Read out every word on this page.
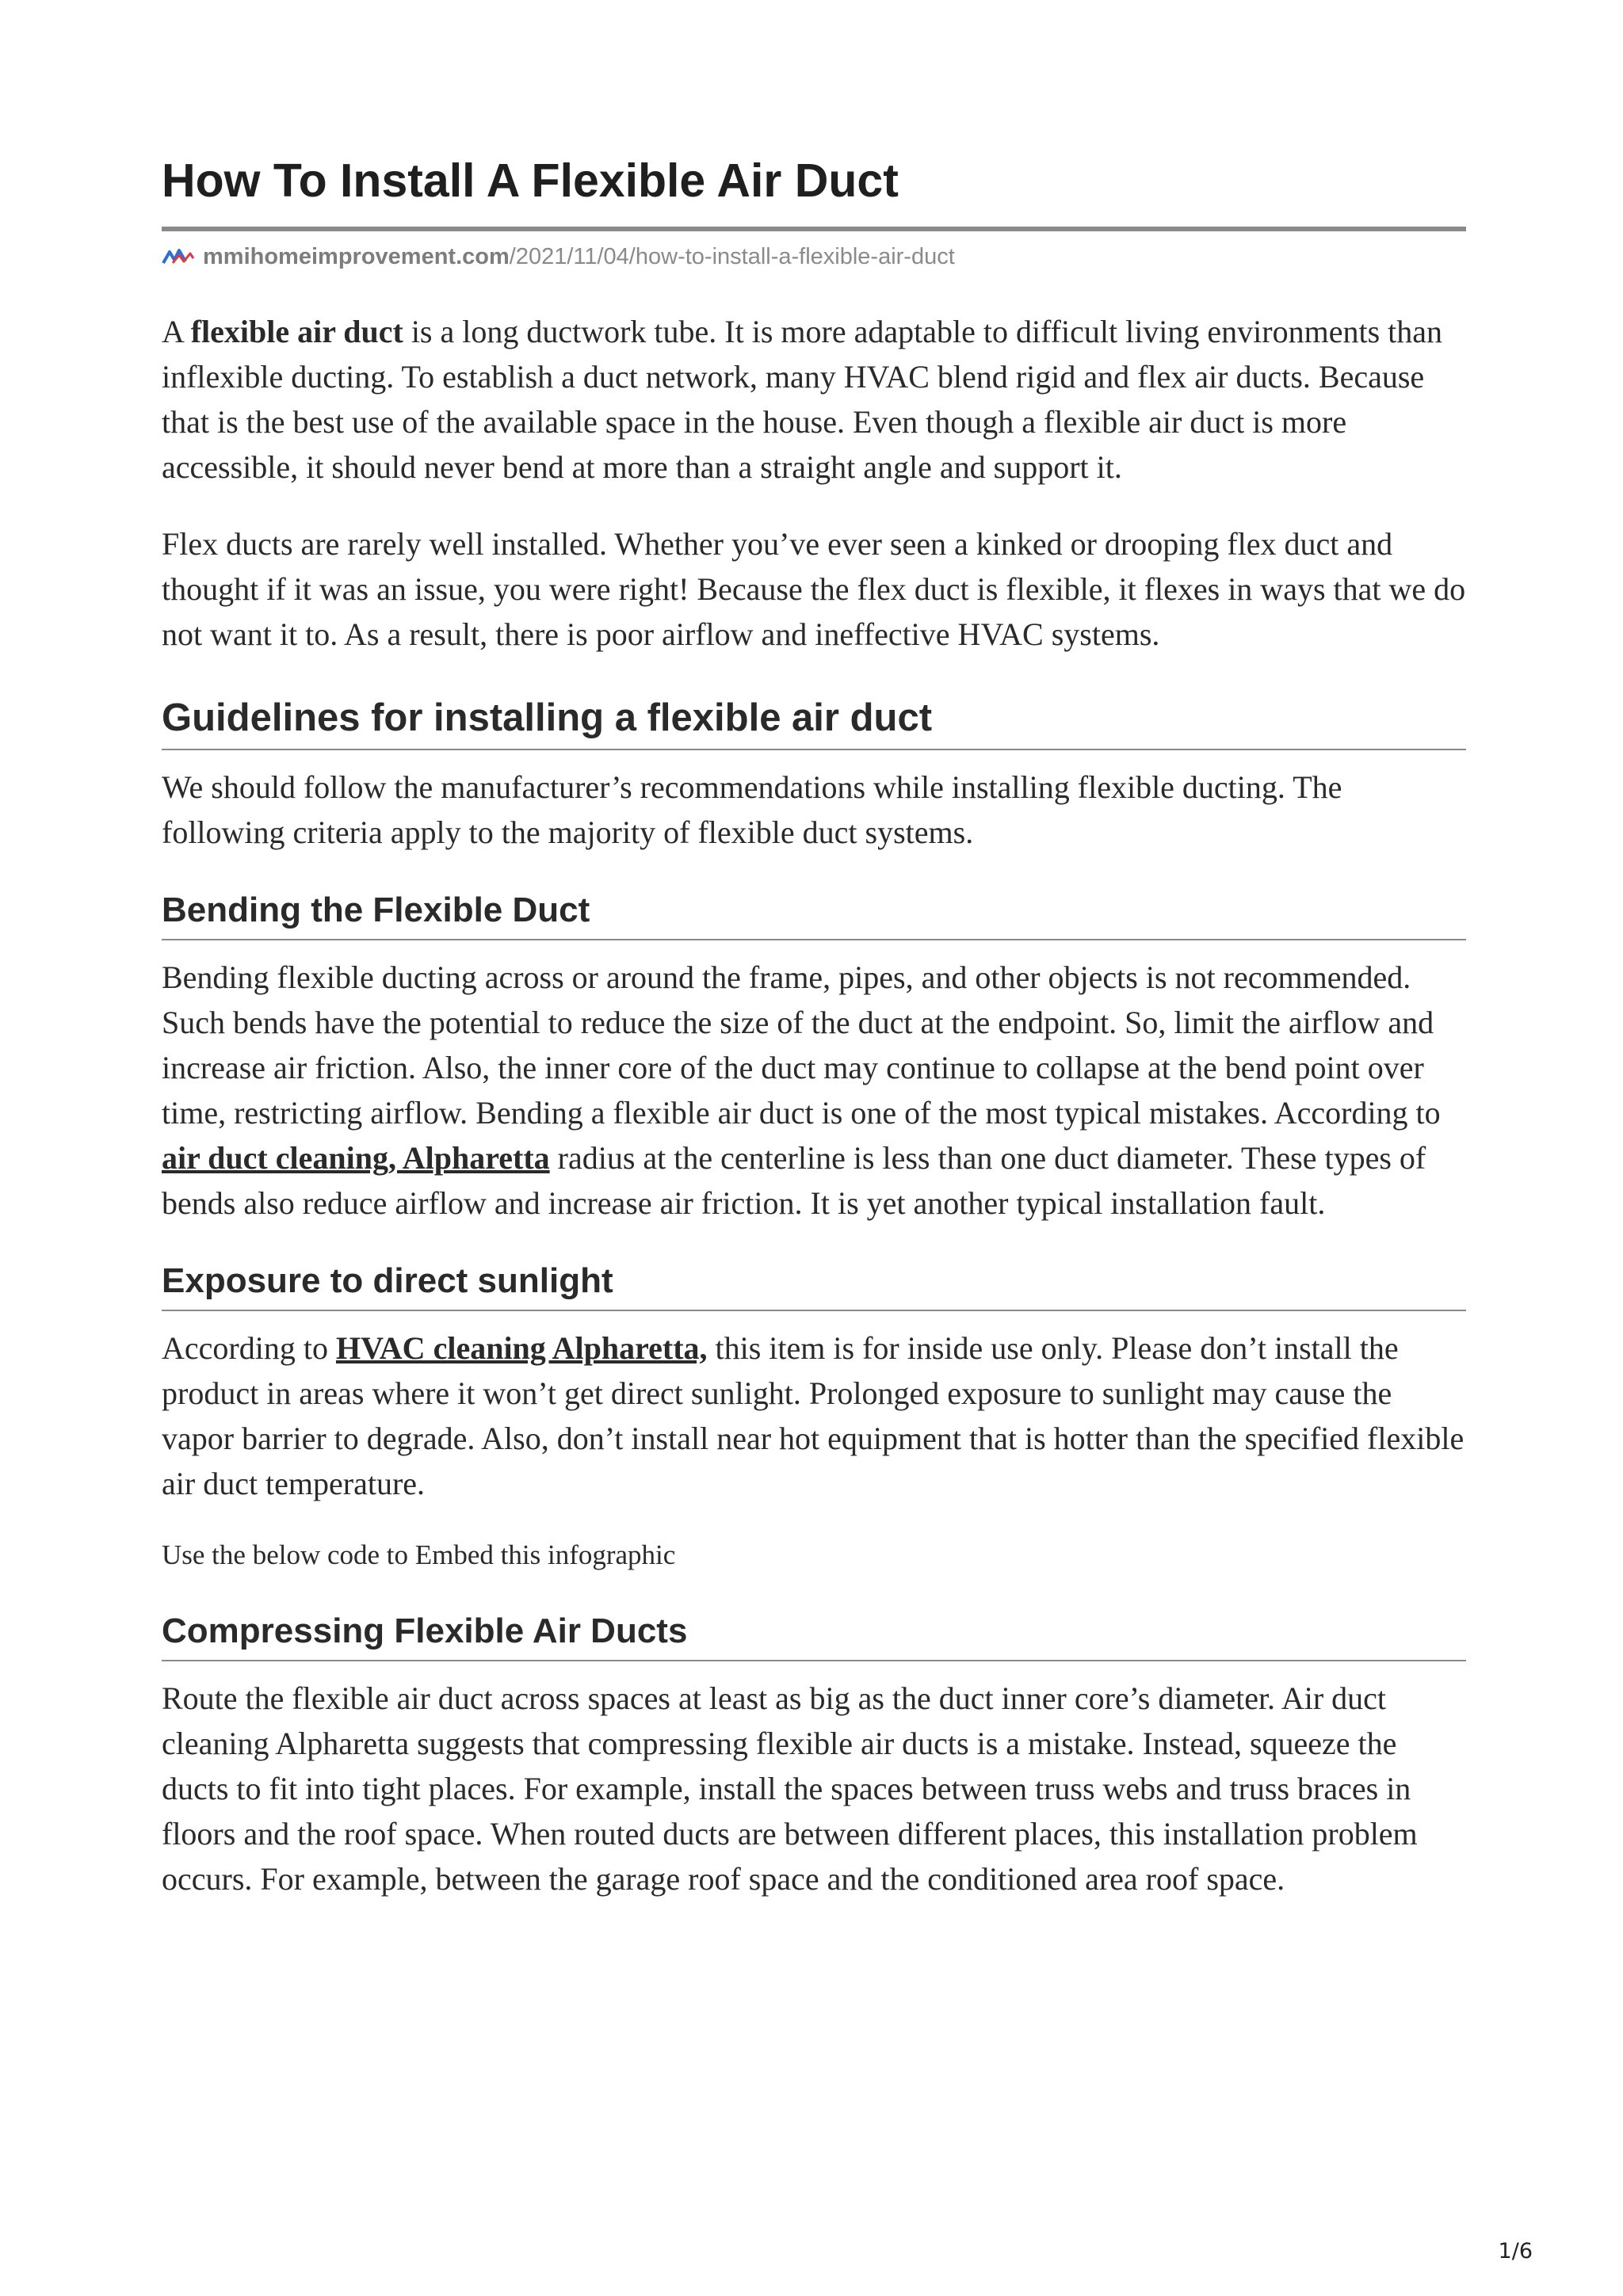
How To Install A Flexible Air Duct
mmihomeimprovement.com /2021/11/04/how-to-install-a-flexible-air-duct

A flexible air duct is a long ductwork tube. It is more adaptable to difficult living environments than inflexible ducting. To establish a duct network, many HVAC blend rigid and flex air ducts. Because that is the best use of the available space in the house. Even though a flexible air duct is more accessible, it should never bend at more than a straight angle and support it.

Flex ducts are rarely well installed. Whether you’ve ever seen a kinked or drooping flex duct and thought if it was an issue, you were right! Because the flex duct is flexible, it flexes in ways that we do not want it to. As a result, there is poor airflow and ineffective HVAC systems.

Guidelines for installing a flexible air duct

We should follow the manufacturer’s recommendations while installing flexible ducting. The following criteria apply to the majority of flexible duct systems.

Bending the Flexible Duct

Bending flexible ducting across or around the frame, pipes, and other objects is not recommended. Such bends have the potential to reduce the size of the duct at the endpoint. So, limit the airflow and increase air friction. Also, the inner core of the duct may continue to collapse at the bend point over time, restricting airflow. Bending a flexible air duct is one of the most typical mistakes. According to air duct cleaning, Alpharetta radius at the centerline is less than one duct diameter. These types of bends also reduce airflow and increase air friction. It is yet another typical installation fault.

Exposure to direct sunlight

According to HVAC cleaning Alpharetta, this item is for inside use only. Please don’t install the product in areas where it won’t get direct sunlight. Prolonged exposure to sunlight may cause the vapor barrier to degrade. Also, don’t install near hot equipment that is hotter than the specified flexible air duct temperature.

Use the below code to Embed this infographic

Compressing Flexible Air Ducts

Route the flexible air duct across spaces at least as big as the duct inner core’s diameter. Air duct cleaning Alpharetta suggests that compressing flexible air ducts is a mistake. Instead, squeeze the ducts to fit into tight places. For example, install the spaces between truss webs and truss braces in floors and the roof space. When routed ducts are between different places, this installation problem occurs. For example, between the garage roof space and the conditioned area roof space.

1/6
